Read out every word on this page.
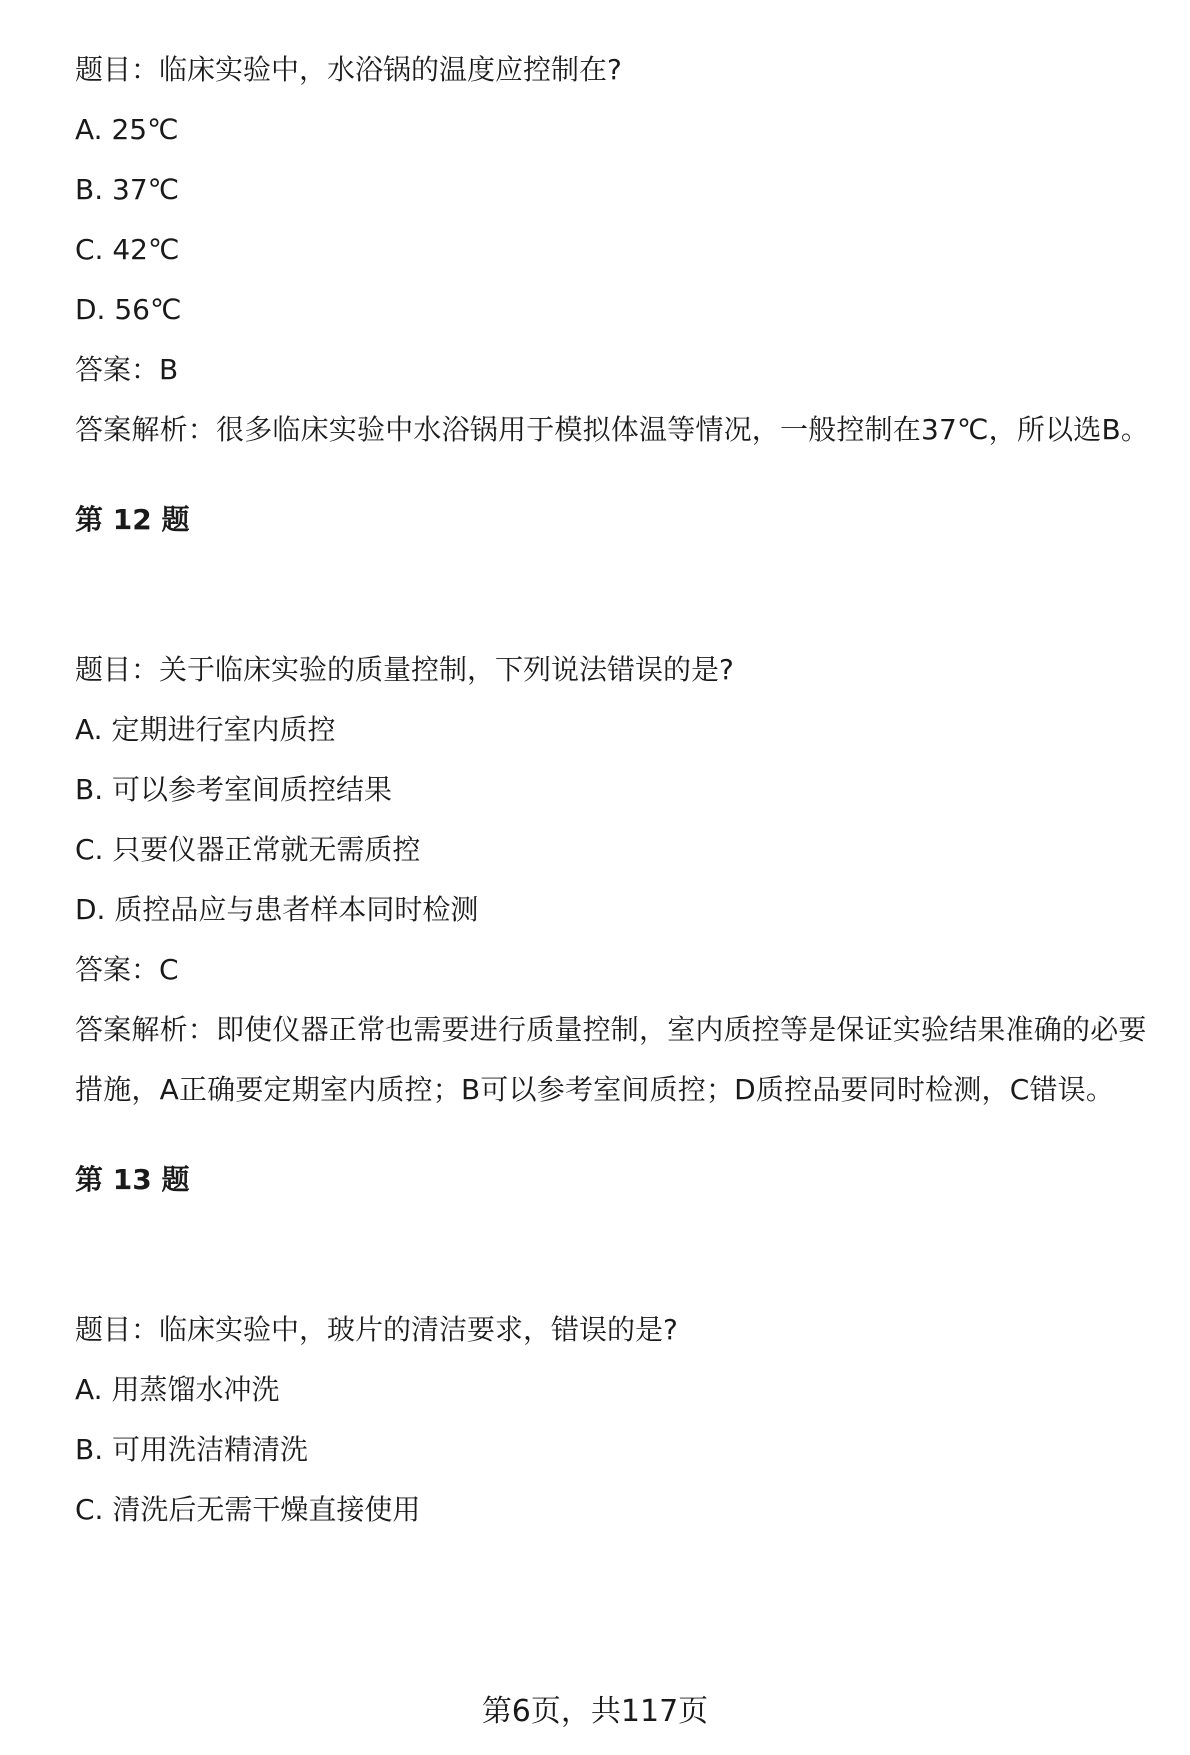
题目：临床实验中，水浴锅的温度应控制在?
A. 25℃
B. 37℃
C. 42℃
D. 56℃
答案：B
答案解析：很多临床实验中水浴锅用于模拟体温等情况，一般控制在37℃，所以选B。
第 12 题
题目：关于临床实验的质量控制，下列说法错误的是?
A. 定期进行室内质控
B. 可以参考室间质控结果
C. 只要仪器正常就无需质控
D. 质控品应与患者样本同时检测
答案：C
答案解析：即使仪器正常也需要进行质量控制，室内质控等是保证实验结果准确的必要措施，A正确要定期室内质控；B可以参考室间质控；D质控品要同时检测，C错误。
第 13 题
题目：临床实验中，玻片的清洁要求，错误的是?
A. 用蒸馏水冲洗
B. 可用洗洁精清洗
C. 清洗后无需干燥直接使用
第6页，共117页
